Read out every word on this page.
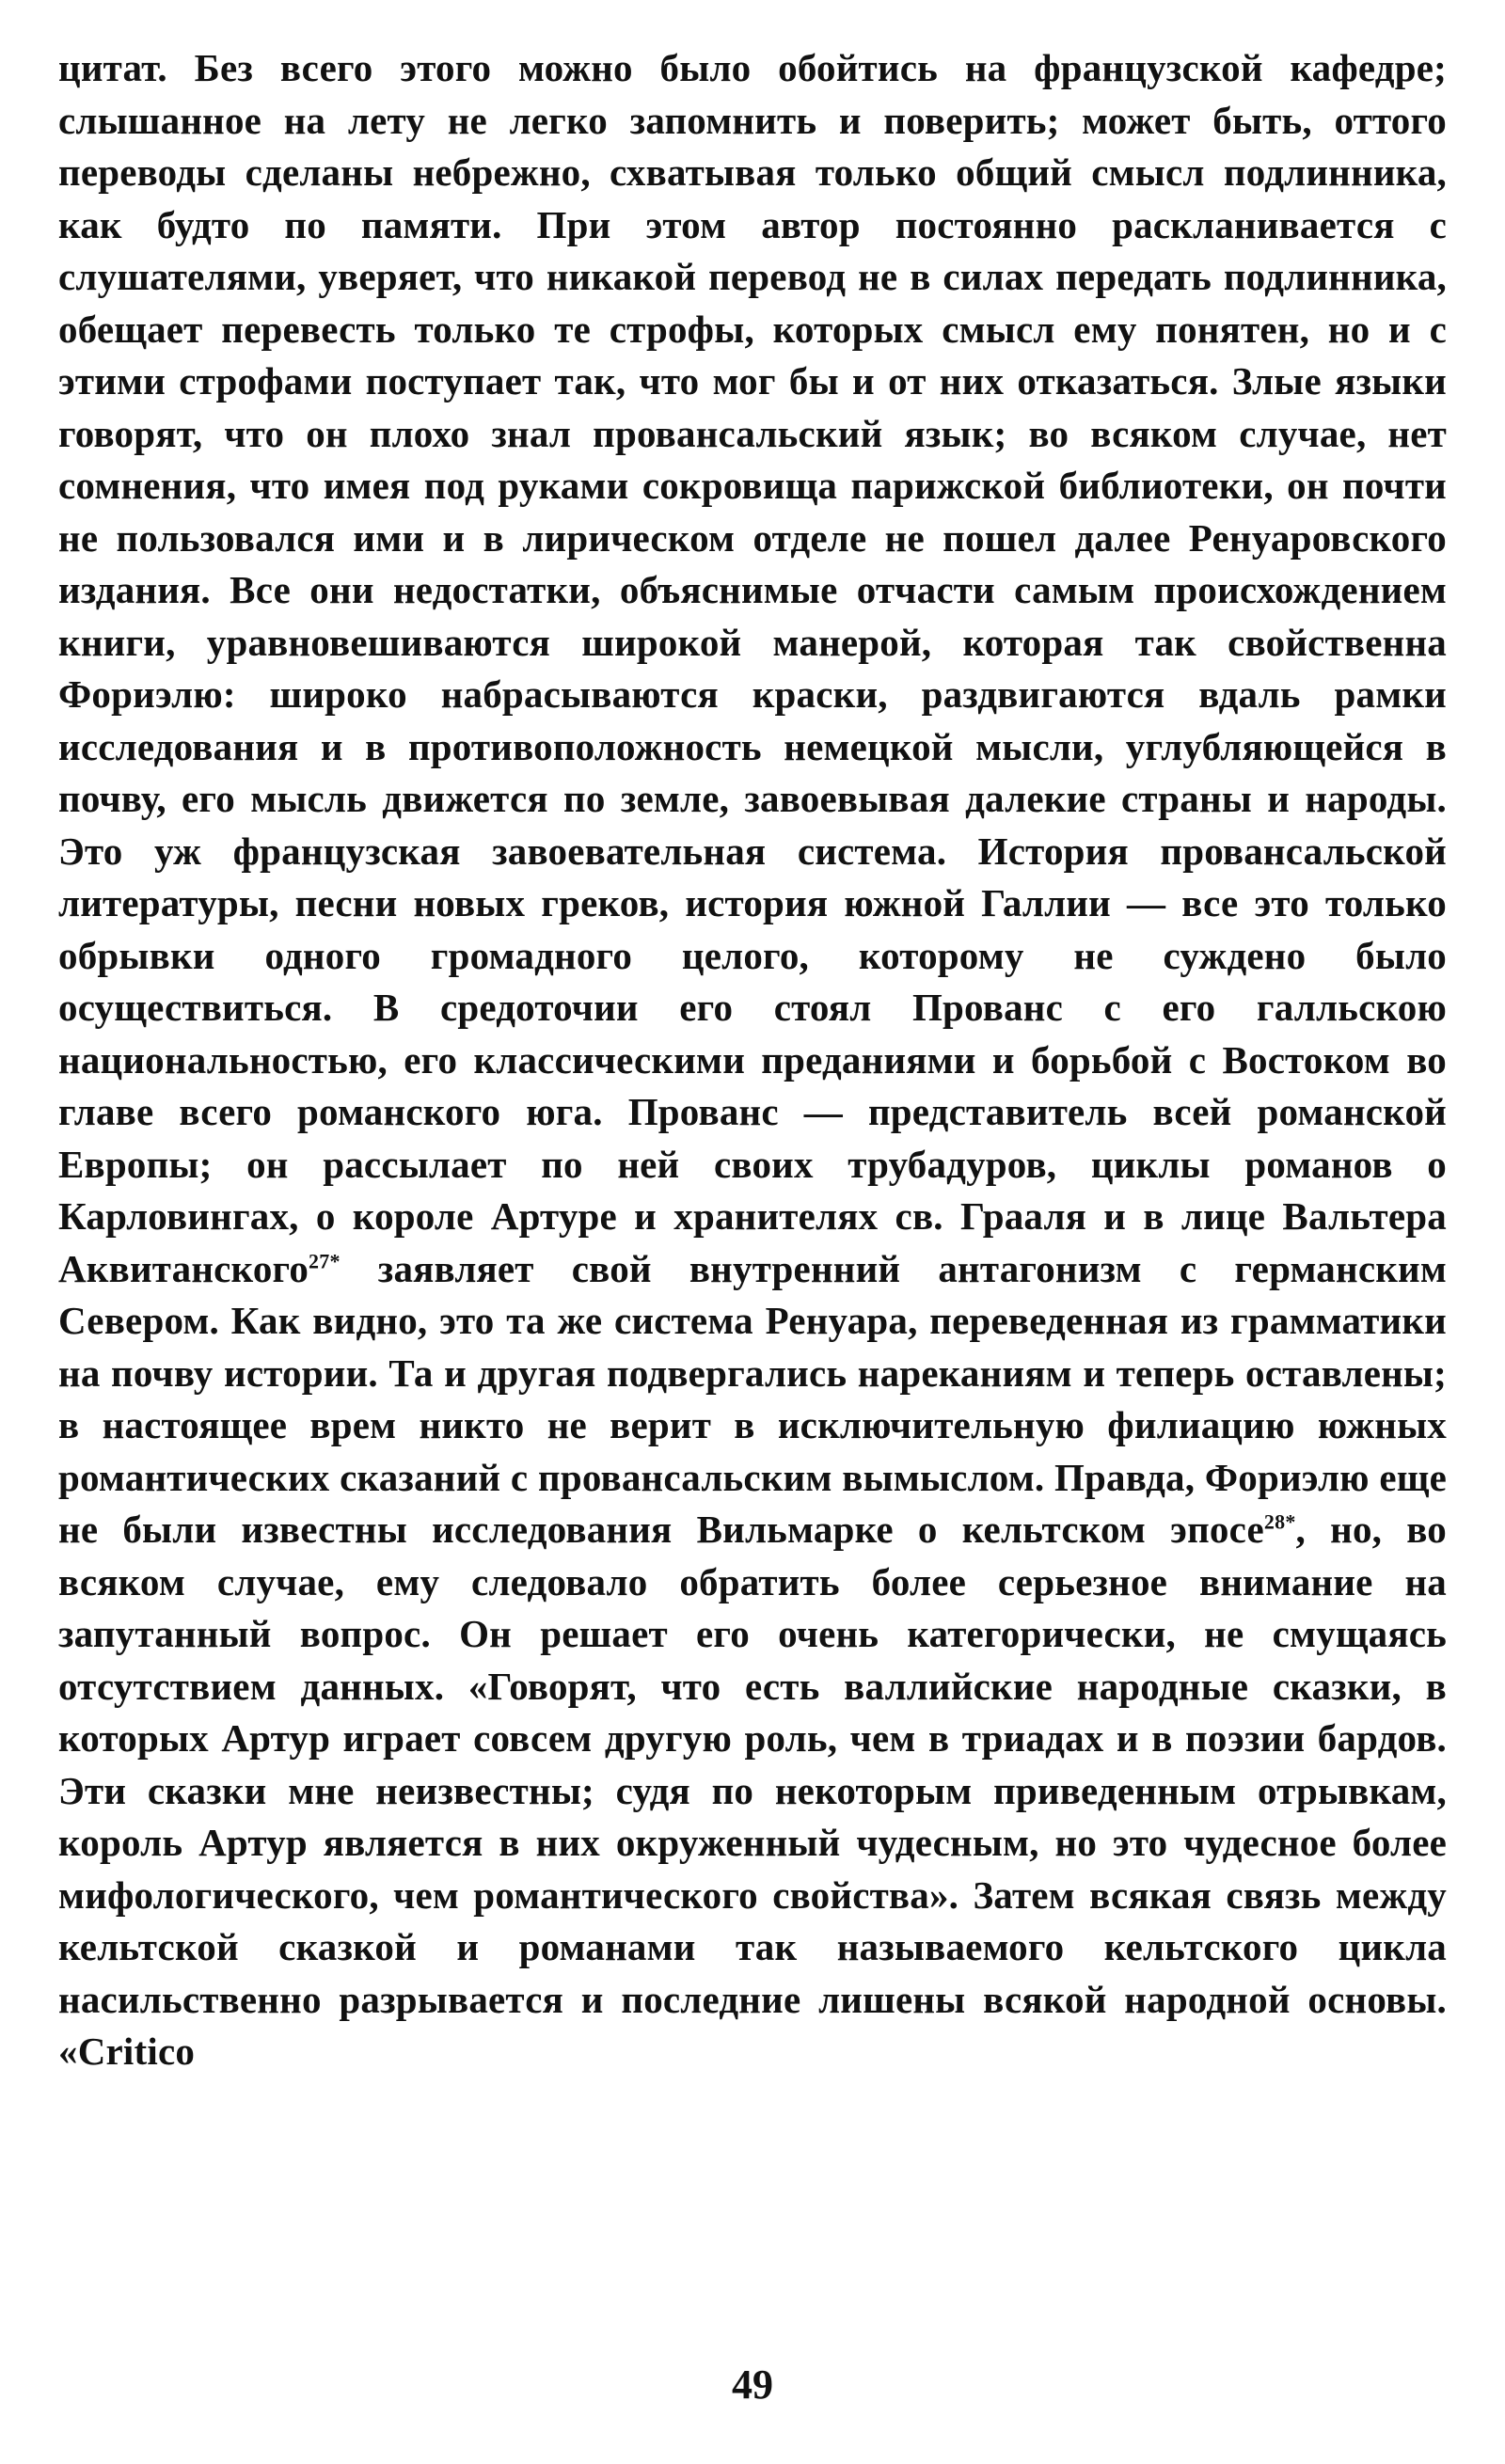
цитат. Без всего этого можно было обойтись на французской кафедре; слышанное на лету не легко запомнить и поверить; может быть, оттого переводы сделаны небрежно, схватывая только общий смысл подлинника, как будто по памяти. При этом автор постоянно раскланивается с слушателями, уверяет, что никакой перевод не в силах передать подлинника, обещает перевесть только те строфы, которых смысл ему понятен, но и с этими строфами поступает так, что мог бы и от них отказаться. Злые языки говорят, что он плохо знал провансальский язык; во всяком случае, нет сомнения, что имея под руками сокровища парижской библиотеки, он почти не пользовался ими и в лирическом отделе не пошел далее Ренуаровского издания. Все они недостатки, объяснимые отчасти самым происхождением книги, уравновешиваются широкой манерой, которая так свойственна Фориэлю: широко набрасываются краски, раздвигаются вдаль рамки исследования и в противоположность немецкой мысли, углубляющейся в почву, его мысль движется по земле, завоевывая далекие страны и народы. Это уж французская завоевательная система. История провансальской литературы, песни новых греков, история южной Галлии — все это только обрывки одного громадного целого, которому не суждено было осуществиться. В средоточии его стоял Прованс с его галльскою национальностью, его классическими преданиями и борьбой с Востоком во главе всего романского юга. Прованс — представитель всей романской Европы; он рассылает по ней своих трубадуров, циклы романов о Карловингах, о короле Артуре и хранителях св. Грааля и в лице Вальтера Аквитанского$^{27*}$ заявляет свой внутренний антагонизм с германским Севером. Как видно, это та же система Ренуара, переведенная из грамматики на почву истории. Та и другая подвергались нареканиям и теперь оставлены; в настоящее врем никто не верит в исключительную филиацию южных романтических сказаний с провансальским вымыслом. Правда, Фориэлю еще не были известны исследования Вильмарке о кельтском эпосе$^{28*}$, но, во всяком случае, ему следовало обратить более серьезное внимание на запутанный вопрос. Он решает его очень категорически, не смущаясь отсутствием данных. «Говорят, что есть валлийские народные сказки, в которых Артур играет совсем другую роль, чем в триадах и в поэзии бардов. Эти сказки мне неизвестны; судя по некоторым приведенным отрывкам, король Артур является в них окруженный чудесным, но это чудесное более мифологического, чем романтического свойства». Затем всякая связь между кельтской сказкой и романами так называемого кельтского цикла насильственно разрывается и последние лишены всякой народной основы. «Critico

49
